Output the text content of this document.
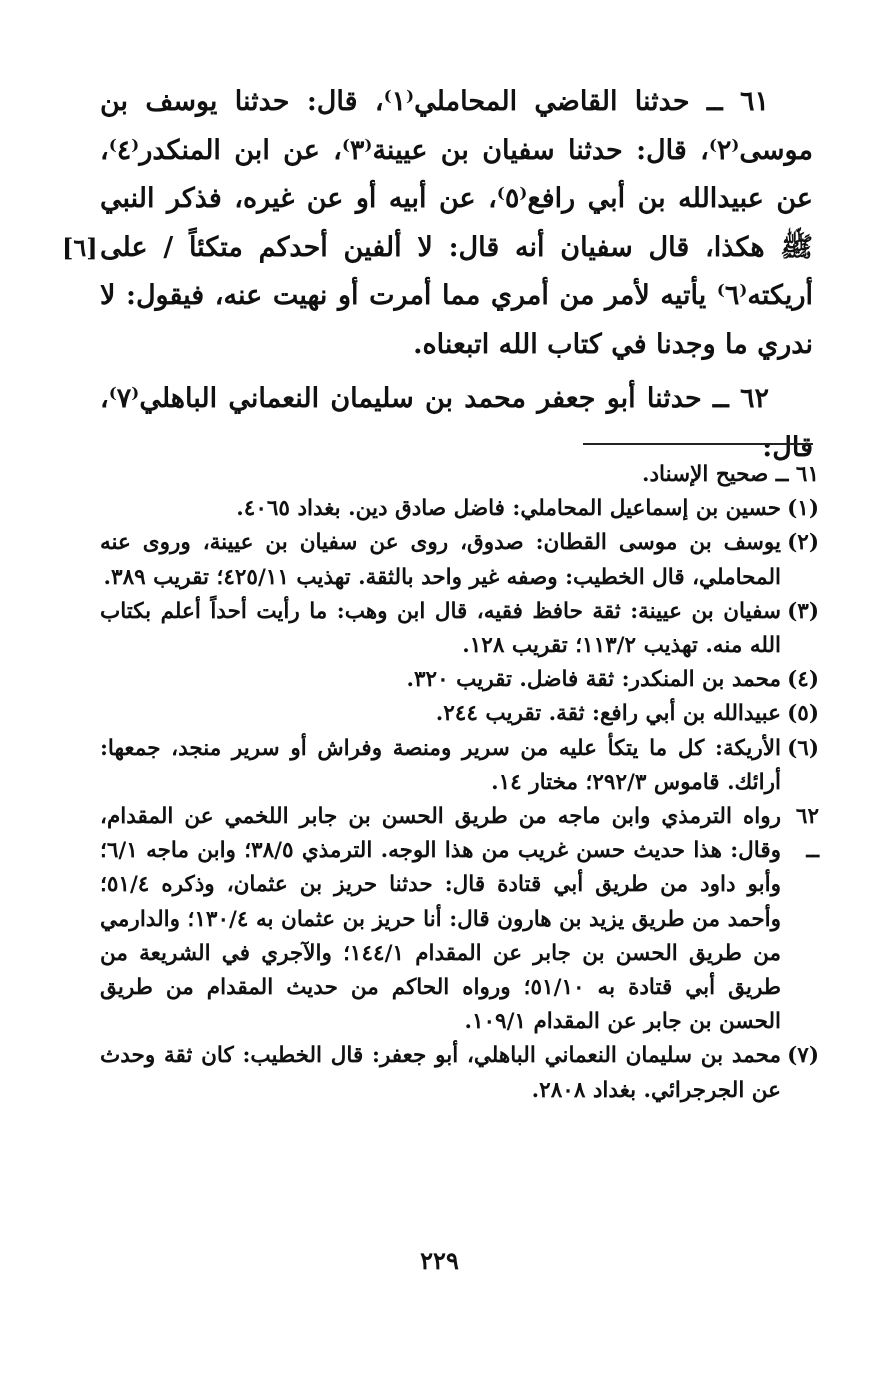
[٦]

٦١ ــ حدثنا القاضي المحاملي⁽١⁾، قال: حدثنا يوسف بن موسى⁽٢⁾، قال: حدثنا سفيان بن عيينة⁽٣⁾، عن ابن المنكدر⁽٤⁾، عن عبيدالله بن أبي رافع⁽٥⁾، عن أبيه أو عن غيره، فذكر النبي ﷺ هكذا، قال سفيان أنه قال: لا ألفين أحدكم متكئاً / على أريكته⁽٦⁾ يأتيه لأمر من أمري مما أمرت أو نهيت عنه، فيقول: لا ندري ما وجدنا في كتاب الله اتبعناه.

٦٢ ــ حدثنا أبو جعفر محمد بن سليمان النعماني الباهلي⁽٧⁾، قال:

٦١ ــ صحيح الإسناد.

(١)
حسين بن إسماعيل المحاملي: فاضل صادق دين. بغداد ٤٠٦٥.

(٢)
يوسف بن موسى القطان: صدوق، روى عن سفيان بن عيينة، وروى عنه المحاملي، قال الخطيب: وصفه غير واحد بالثقة. تهذيب ٤٢٥/١١؛ تقريب ٣٨٩.

(٣)
سفيان بن عيينة: ثقة حافظ فقيه، قال ابن وهب: ما رأيت أحداً أعلم بكتاب الله منه. تهذيب ١١٣/٢؛ تقريب ١٢٨.

(٤)
محمد بن المنكدر: ثقة فاضل. تقريب ٣٢٠.

(٥)
عبيدالله بن أبي رافع: ثقة. تقريب ٢٤٤.

(٦)
الأريكة: كل ما يتكأ عليه من سرير ومنصة وفراش أو سرير منجد، جمعها: أرائك. قاموس ٢٩٢/٣؛ مختار ١٤.

٦٢ ــ
رواه الترمذي وابن ماجه من طريق الحسن بن جابر اللخمي عن المقدام، وقال: هذا حديث حسن غريب من هذا الوجه. الترمذي ٣٨/٥؛ وابن ماجه ٦/١؛ وأبو داود من طريق أبي قتادة قال: حدثنا حريز بن عثمان، وذكره ٥١/٤؛ وأحمد من طريق يزيد بن هارون قال: أنا حريز بن عثمان به ١٣٠/٤؛ والدارمي من طريق الحسن بن جابر عن المقدام ١٤٤/١؛ والآجري في الشريعة من طريق أبي قتادة به ٥١/١٠؛ ورواه الحاكم من حديث المقدام من طريق الحسن بن جابر عن المقدام ١٠٩/١.

(٧)
محمد بن سليمان النعماني الباهلي، أبو جعفر: قال الخطيب: كان ثقة وحدث عن الجرجرائي. بغداد ٢٨٠٨.

٢٢٩
